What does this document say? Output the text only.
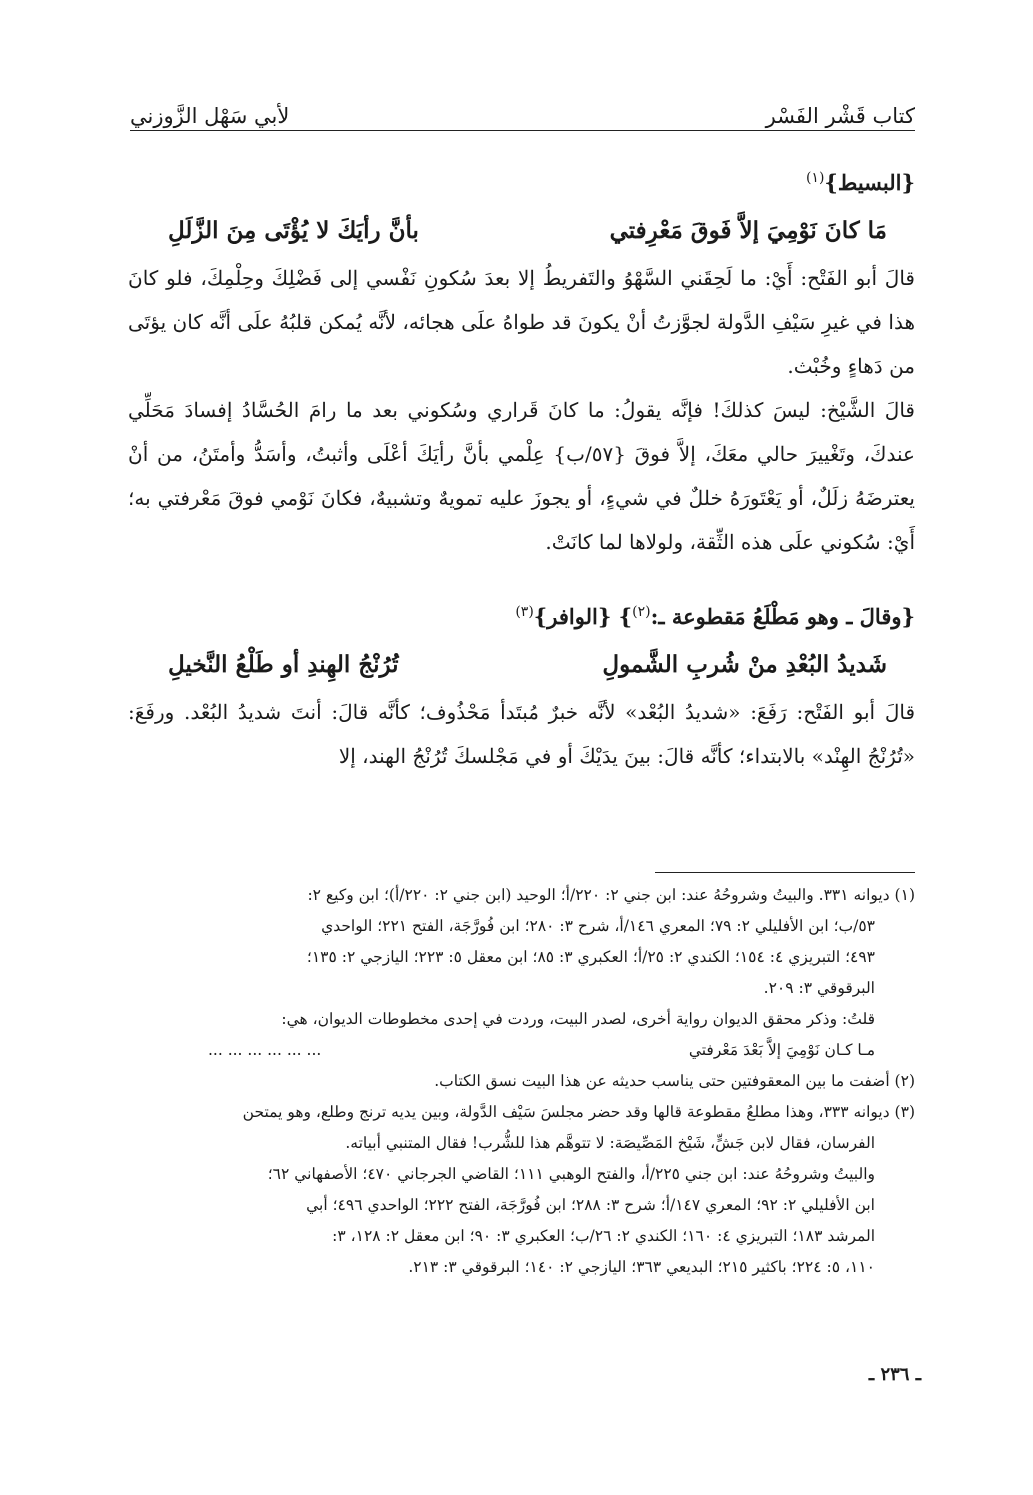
كتاب قَشْر الفَسْر
لأبي سَهْل الزَّوزني
{البسيط}$^{(١)}$
مَا كانَ نَوْمِيَ إلاَّ فَوقَ مَعْرِفتي
بأنَّ رأيَكَ لا يُؤْتَى مِنَ الزَّلَلِ

قالَ أبو الفَتْح: أَيْ: ما لَحِقَني السَّهْوُ والتَفريطُ إلا بعدَ سُكونِ نَفْسي إلى فَضْلِكَ وحِلْمِكَ، فلو كانَ هذا في غيرِ سَيْفِ الدَّولة لجوَّزتُ أنْ يكونَ قد طواهُ علَى هجائه، لأنَّه يُمكن قلبُهُ علَى أنَّه كان يؤتَى من دَهاءٍ وخُبْث.

قالَ الشَّيْخ: ليسَ كذلكَ! فإنَّه يقولُ: ما كانَ قَراري وسُكوني بعد ما رامَ الحُسَّادُ إفسادَ مَحَلِّي عندكَ، وتَغْييرَ حالي معَكَ، إلاَّ فوقَ {٥٧/ب} عِلْمي بأنَّ رأيَكَ أعْلَى وأثبتُ، وأسَدُّ وأمتَنُ، من أنْ يعترضَهُ زلَلٌ، أو يَعْتَورَهُ خللٌ في شيءٍ، أو يجوزَ عليه تمويهٌ وتشبيهٌ، فكانَ نَوْمي فوقَ مَعْرفتي به؛ أَيْ: سُكوني علَى هذه الثِّقة، ولولاها لما كانَتْ.

{وقالَ ـ وهو مَطْلَعُ مَقطوعة ـ:$^{(٢)}$} {الوافر}$^{(٣)}$
شَديدُ البُعْدِ منْ شُربِ الشَّمولِ
تُرُنْجُ الهِندِ أو طَلْعُ النَّخيلِ

قالَ أبو الفَتْح: رَفَعَ: «شديدُ البُعْد» لأنَّه خبرٌ مُبتَدأ مَحْذُوف؛ كأنَّه قالَ: أنتَ شديدُ البُعْد. ورفَعَ: «تُرُنْجُ الهِنْد» بالابتداء؛ كأنَّه قالَ: بينَ يدَيْكَ أو في مَجْلسكَ تُرُنْجُ الهند، إلا

(١) ديوانه ٣٣١. والبيتُ وشروحُهُ عند: ابن جني ٢: ٢٢٠/أ؛ الوحيد (ابن جني ٢: ٢٢٠/أ)؛ ابن وكيع ٢:
٥٣/ب؛ ابن الأفليلي ٢: ٧٩؛ المعري ١٤٦/أ، شرح ٣: ٢٨٠؛ ابن فُورَّجَة، الفتح ٢٢١؛ الواحدي
٤٩٣؛ التبريزي ٤: ١٥٤؛ الكندي ٢: ٢٥/أ؛ العكبري ٣: ٨٥؛ ابن معقل ٥: ٢٢٣؛ اليازجي ٢: ١٣٥؛
البرقوقي ٣: ٢٠٩.
قلتُ: وذكر محقق الديوان رواية أخرى، لصدر البيت، وردت في إحدى مخطوطات الديوان، هي:
مـا كـان نَوْمِيَ إلاَّ بَعْدَ مَعْرفتي
... ... ... ... ... ...
(٢) أضفت ما بين المعقوفتين حتى يناسب حديثه عن هذا البيت نسق الكتاب.
(٣) ديوانه ٣٣٣، وهذا مطلعُ مقطوعة قالها وقد حضر مجلسَ سَيْف الدَّولة، وبين يديه ترنج وطلع، وهو يمتحن
الفرسان، فقال لابن جَشٍّ، شَيْخ المَصِّيصَة: لا تتوهَّم هذا للشُّرب! فقال المتنبي أبياته.
والبيتُ وشروحُهُ عند: ابن جني ٢٢٥/أ، والفتح الوهبي ١١١؛ القاضي الجرجاني ٤٧٠؛ الأصفهاني ٦٢؛
ابن الأفليلي ٢: ٩٢؛ المعري ١٤٧/أ؛ شرح ٣: ٢٨٨؛ ابن فُورَّجَة، الفتح ٢٢٢؛ الواحدي ٤٩٦؛ أبي
المرشد ١٨٣؛ التبريزي ٤: ١٦٠؛ الكندي ٢: ٢٦/ب؛ العكبري ٣: ٩٠؛ ابن معقل ٢: ١٢٨، ٣:
١١٠، ٥: ٢٢٤؛ باكثير ٢١٥؛ البديعي ٣٦٣؛ اليازجي ٢: ١٤٠؛ البرقوقي ٣: ٢١٣.
ـ ٢٣٦ ـ
